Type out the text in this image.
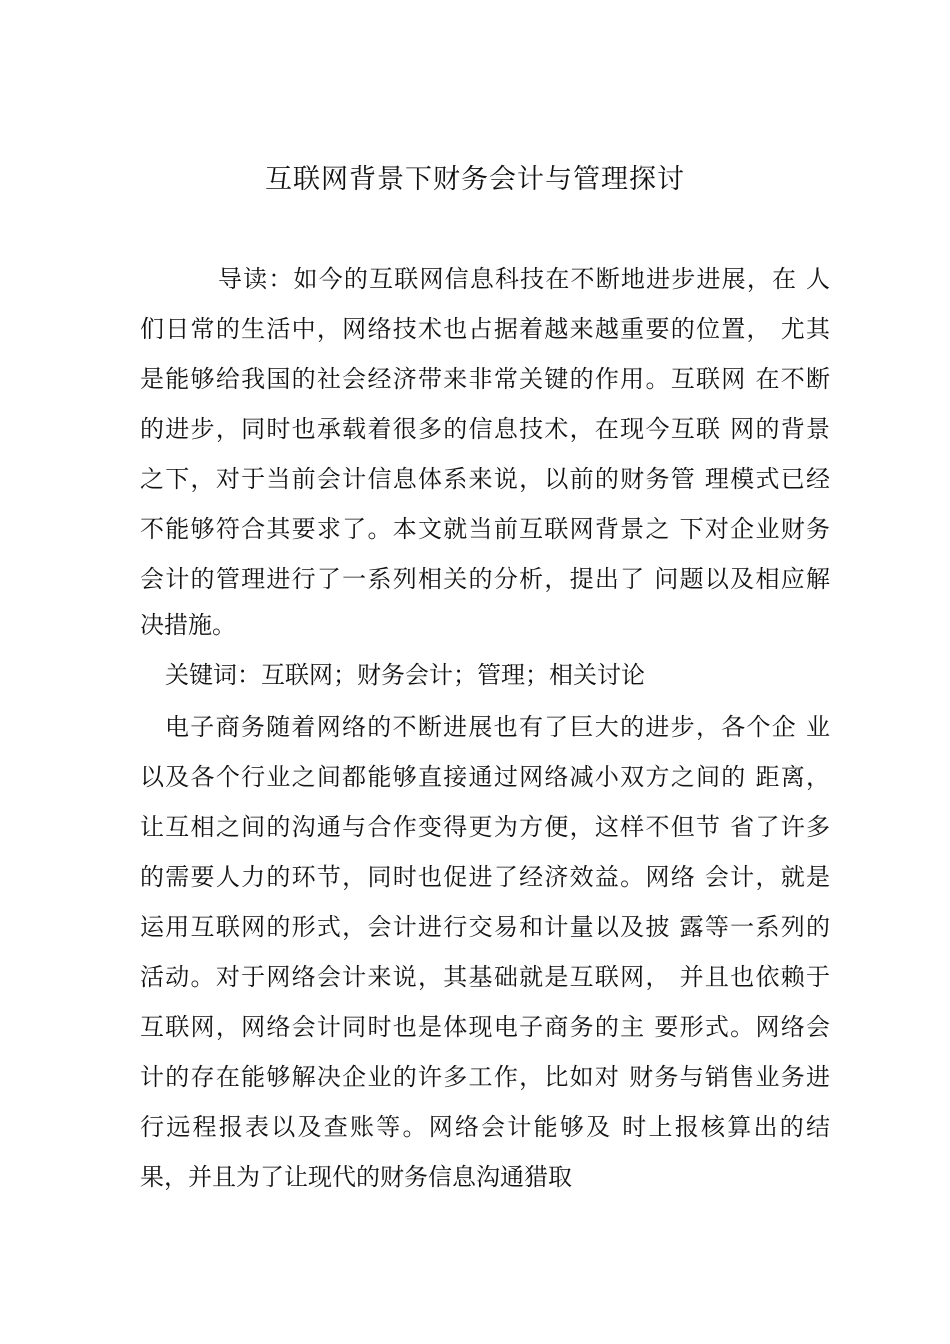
互联网背景下财务会计与管理探讨
导读：如今的互联网信息科技在不断地进步进展，在 人
们日常的生活中，网络技术也占据着越来越重要的位置， 尤其
是能够给我国的社会经济带来非常关键的作用。互联网 在不断
的进步，同时也承载着很多的信息技术，在现今互联 网的背景
之下，对于当前会计信息体系来说，以前的财务管 理模式已经
不能够符合其要求了。本文就当前互联网背景之 下对企业财务
会计的管理进行了一系列相关的分析，提出了 问题以及相应解
决措施。
关键词：互联网；财务会计；管理；相关讨论
电子商务随着网络的不断进展也有了巨大的进步，各个企 业
以及各个行业之间都能够直接通过网络减小双方之间的 距离，
让互相之间的沟通与合作变得更为方便，这样不但节 省了许多
的需要人力的环节，同时也促进了经济效益。网络 会计，就是
运用互联网的形式，会计进行交易和计量以及披 露等一系列的
活动。对于网络会计来说，其基础就是互联网， 并且也依赖于
互联网，网络会计同时也是体现电子商务的主 要形式。网络会
计的存在能够解决企业的许多工作，比如对 财务与销售业务进
行远程报表以及查账等。网络会计能够及 时上报核算出的结
果，并且为了让现代的财务信息沟通猎取
